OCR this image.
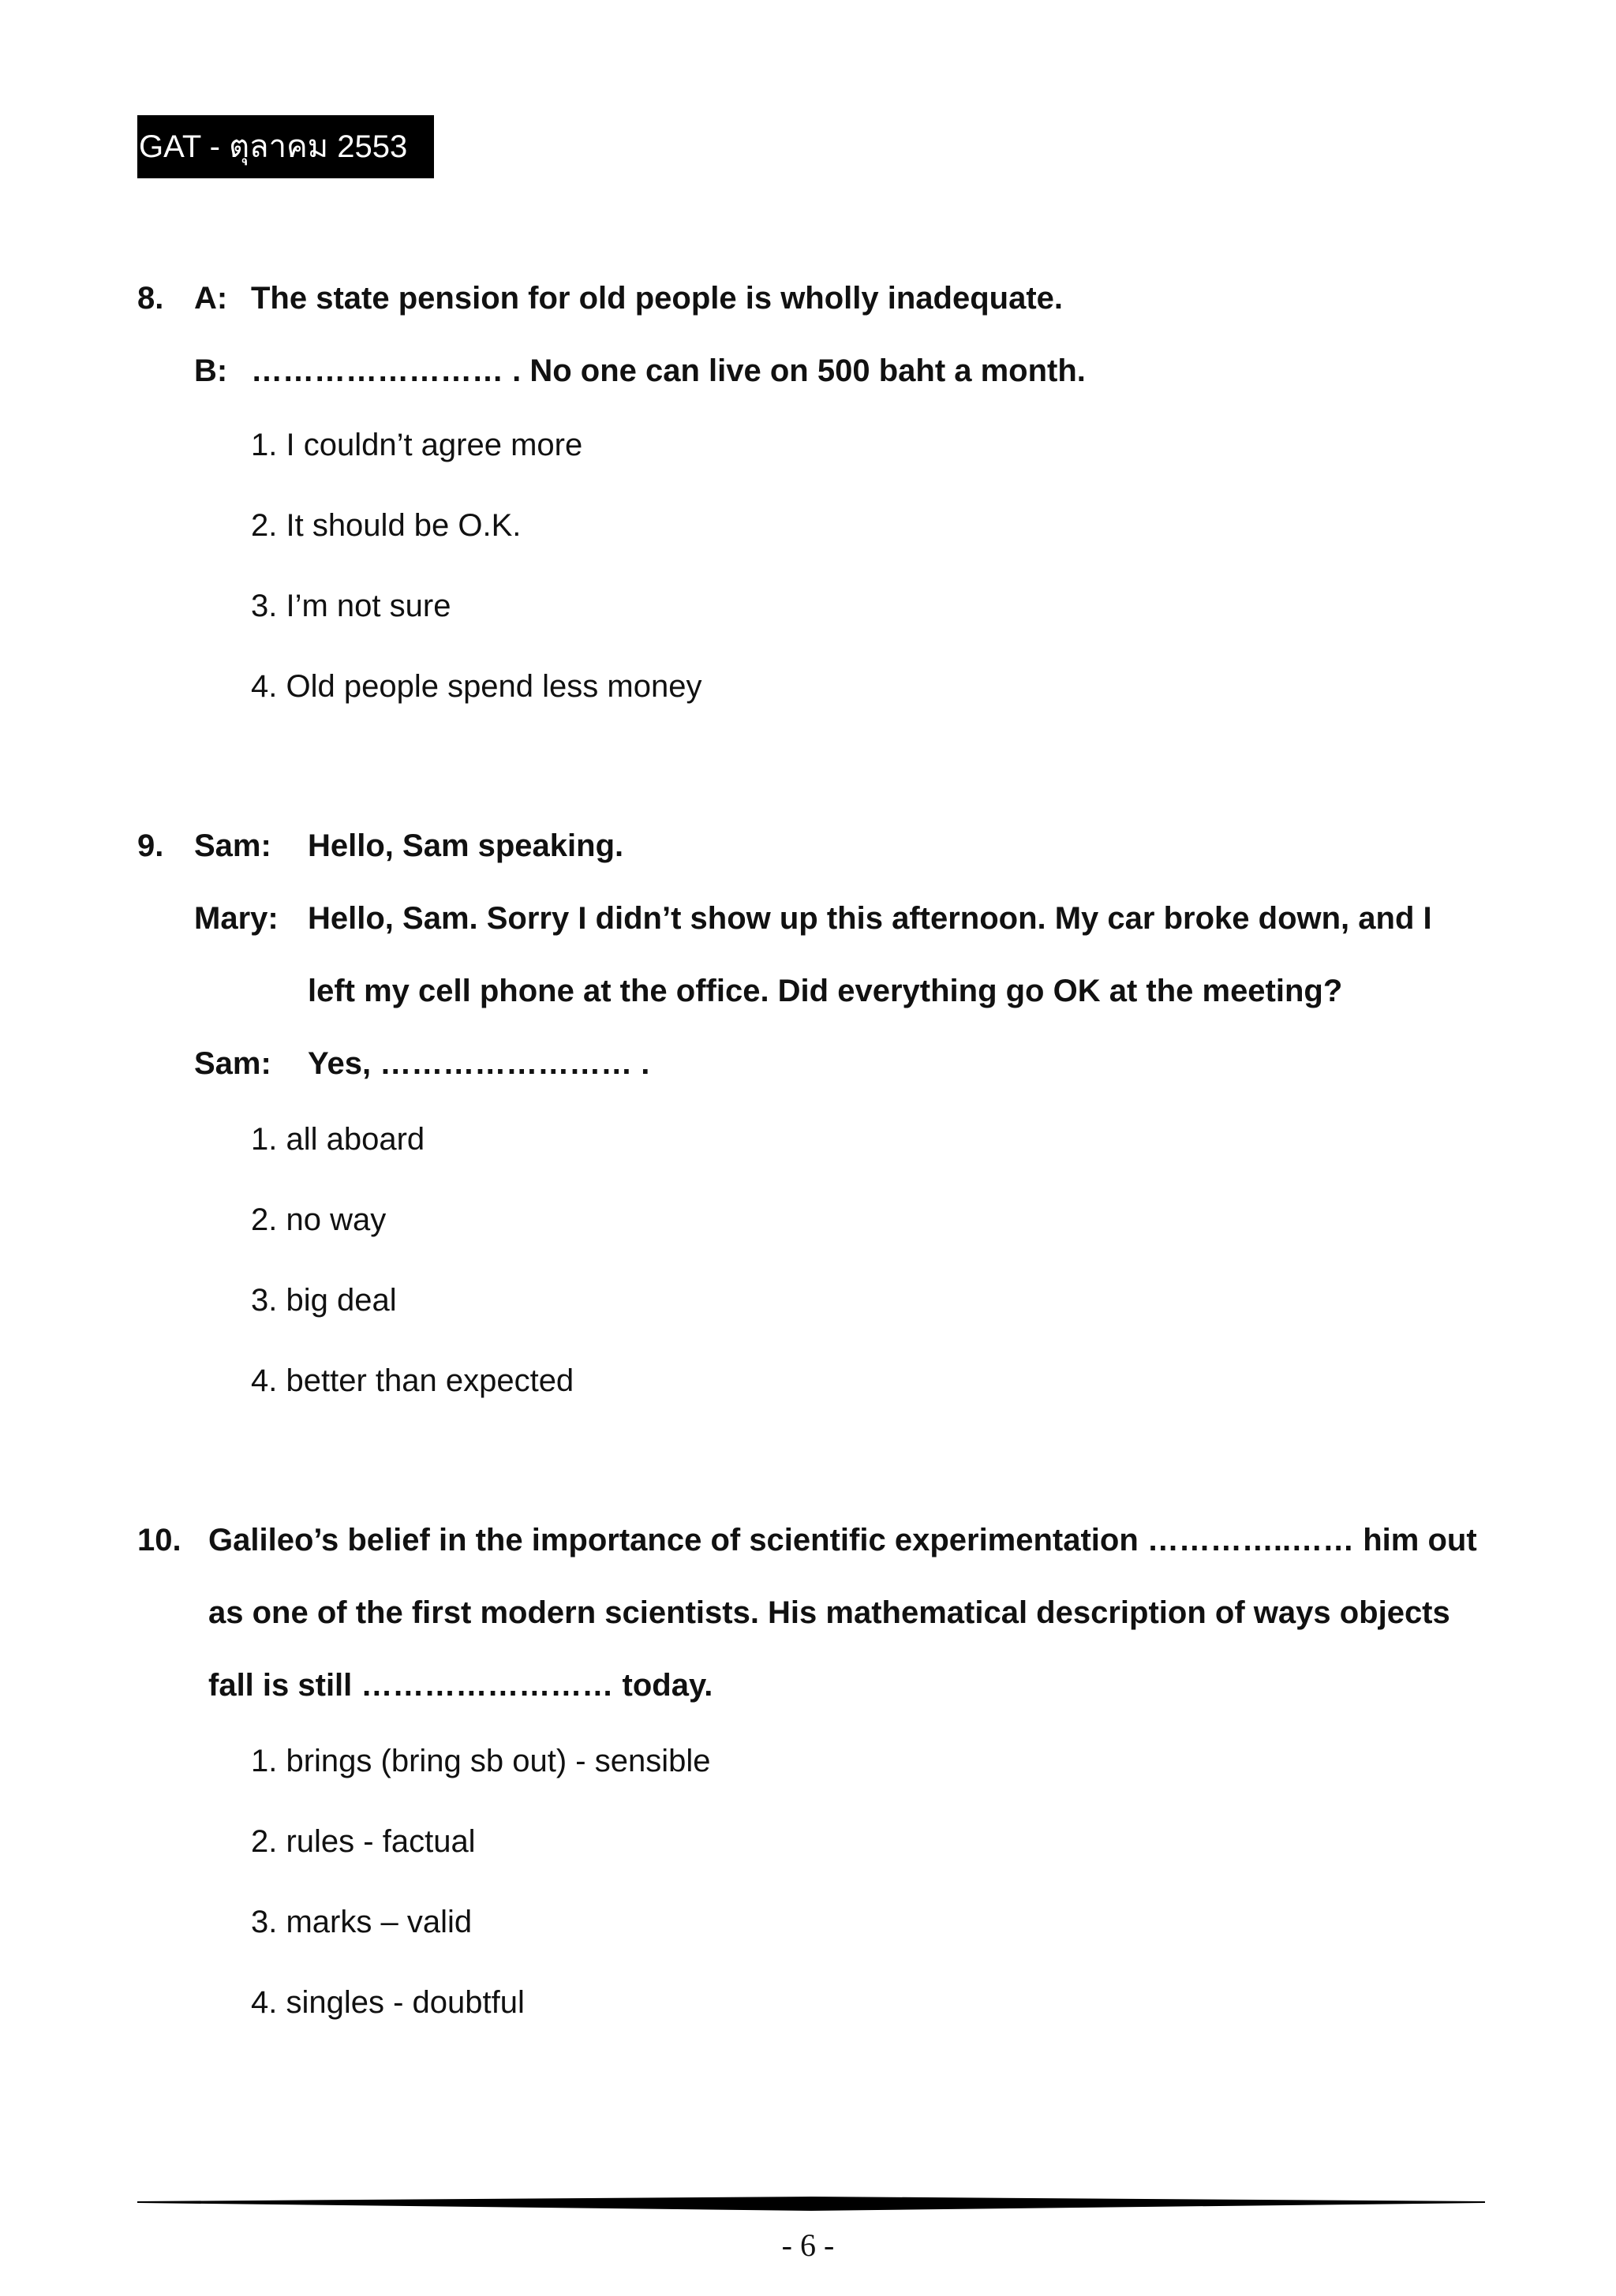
GAT - ตุลาคม 2553
8. A: The state pension for old people is wholly inadequate.
B: …………………… . No one can live on 500 baht a month.
1. I couldn’t agree more
2. It should be O.K.
3. I’m not sure
4. Old people spend less money
9. Sam: Hello, Sam speaking.
Mary: Hello, Sam. Sorry I didn’t show up this afternoon. My car broke down, and I
left my cell phone at the office. Did everything go OK at the meeting?
Sam: Yes, …………………… .
1. all aboard
2. no way
3. big deal
4. better than expected
10. Galileo’s belief in the importance of scientific experimentation …………..…… him out
as one of the first modern scientists. His mathematical description of ways objects
fall is still …………………… today.
1. brings (bring sb out) - sensible
2. rules - factual
3. marks – valid
4. singles - doubtful
- 6 -
